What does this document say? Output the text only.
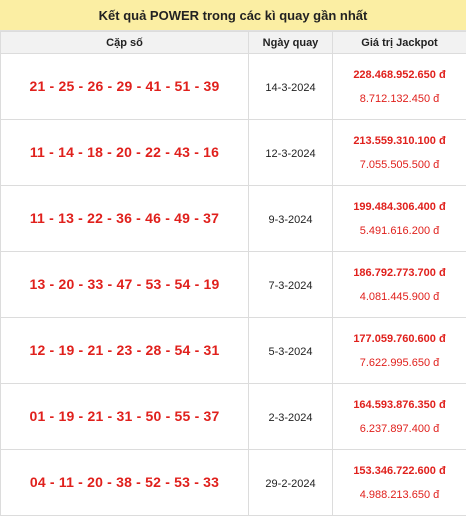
Kết quả POWER trong các kì quay gần nhất
Cặp số	Ngày quay	Giá trị Jackpot
21 - 25 - 26 - 29 - 41 - 51 - 39	14-3-2024	228.468.952.650 đ
8.712.132.450 đ

11 - 14 - 18 - 20 - 22 - 43 - 16	12-3-2024	213.559.310.100 đ
7.055.505.500 đ

11 - 13 - 22 - 36 - 46 - 49 - 37	9-3-2024	199.484.306.400 đ
5.491.616.200 đ

13 - 20 - 33 - 47 - 53 - 54 - 19	7-3-2024	186.792.773.700 đ
4.081.445.900 đ

12 - 19 - 21 - 23 - 28 - 54 - 31	5-3-2024	177.059.760.600 đ
7.622.995.650 đ

01 - 19 - 21 - 31 - 50 - 55 - 37	2-3-2024	164.593.876.350 đ
6.237.897.400 đ

04 - 11 - 20 - 38 - 52 - 53 - 33	29-2-2024	153.346.722.600 đ
4.988.213.650 đ
